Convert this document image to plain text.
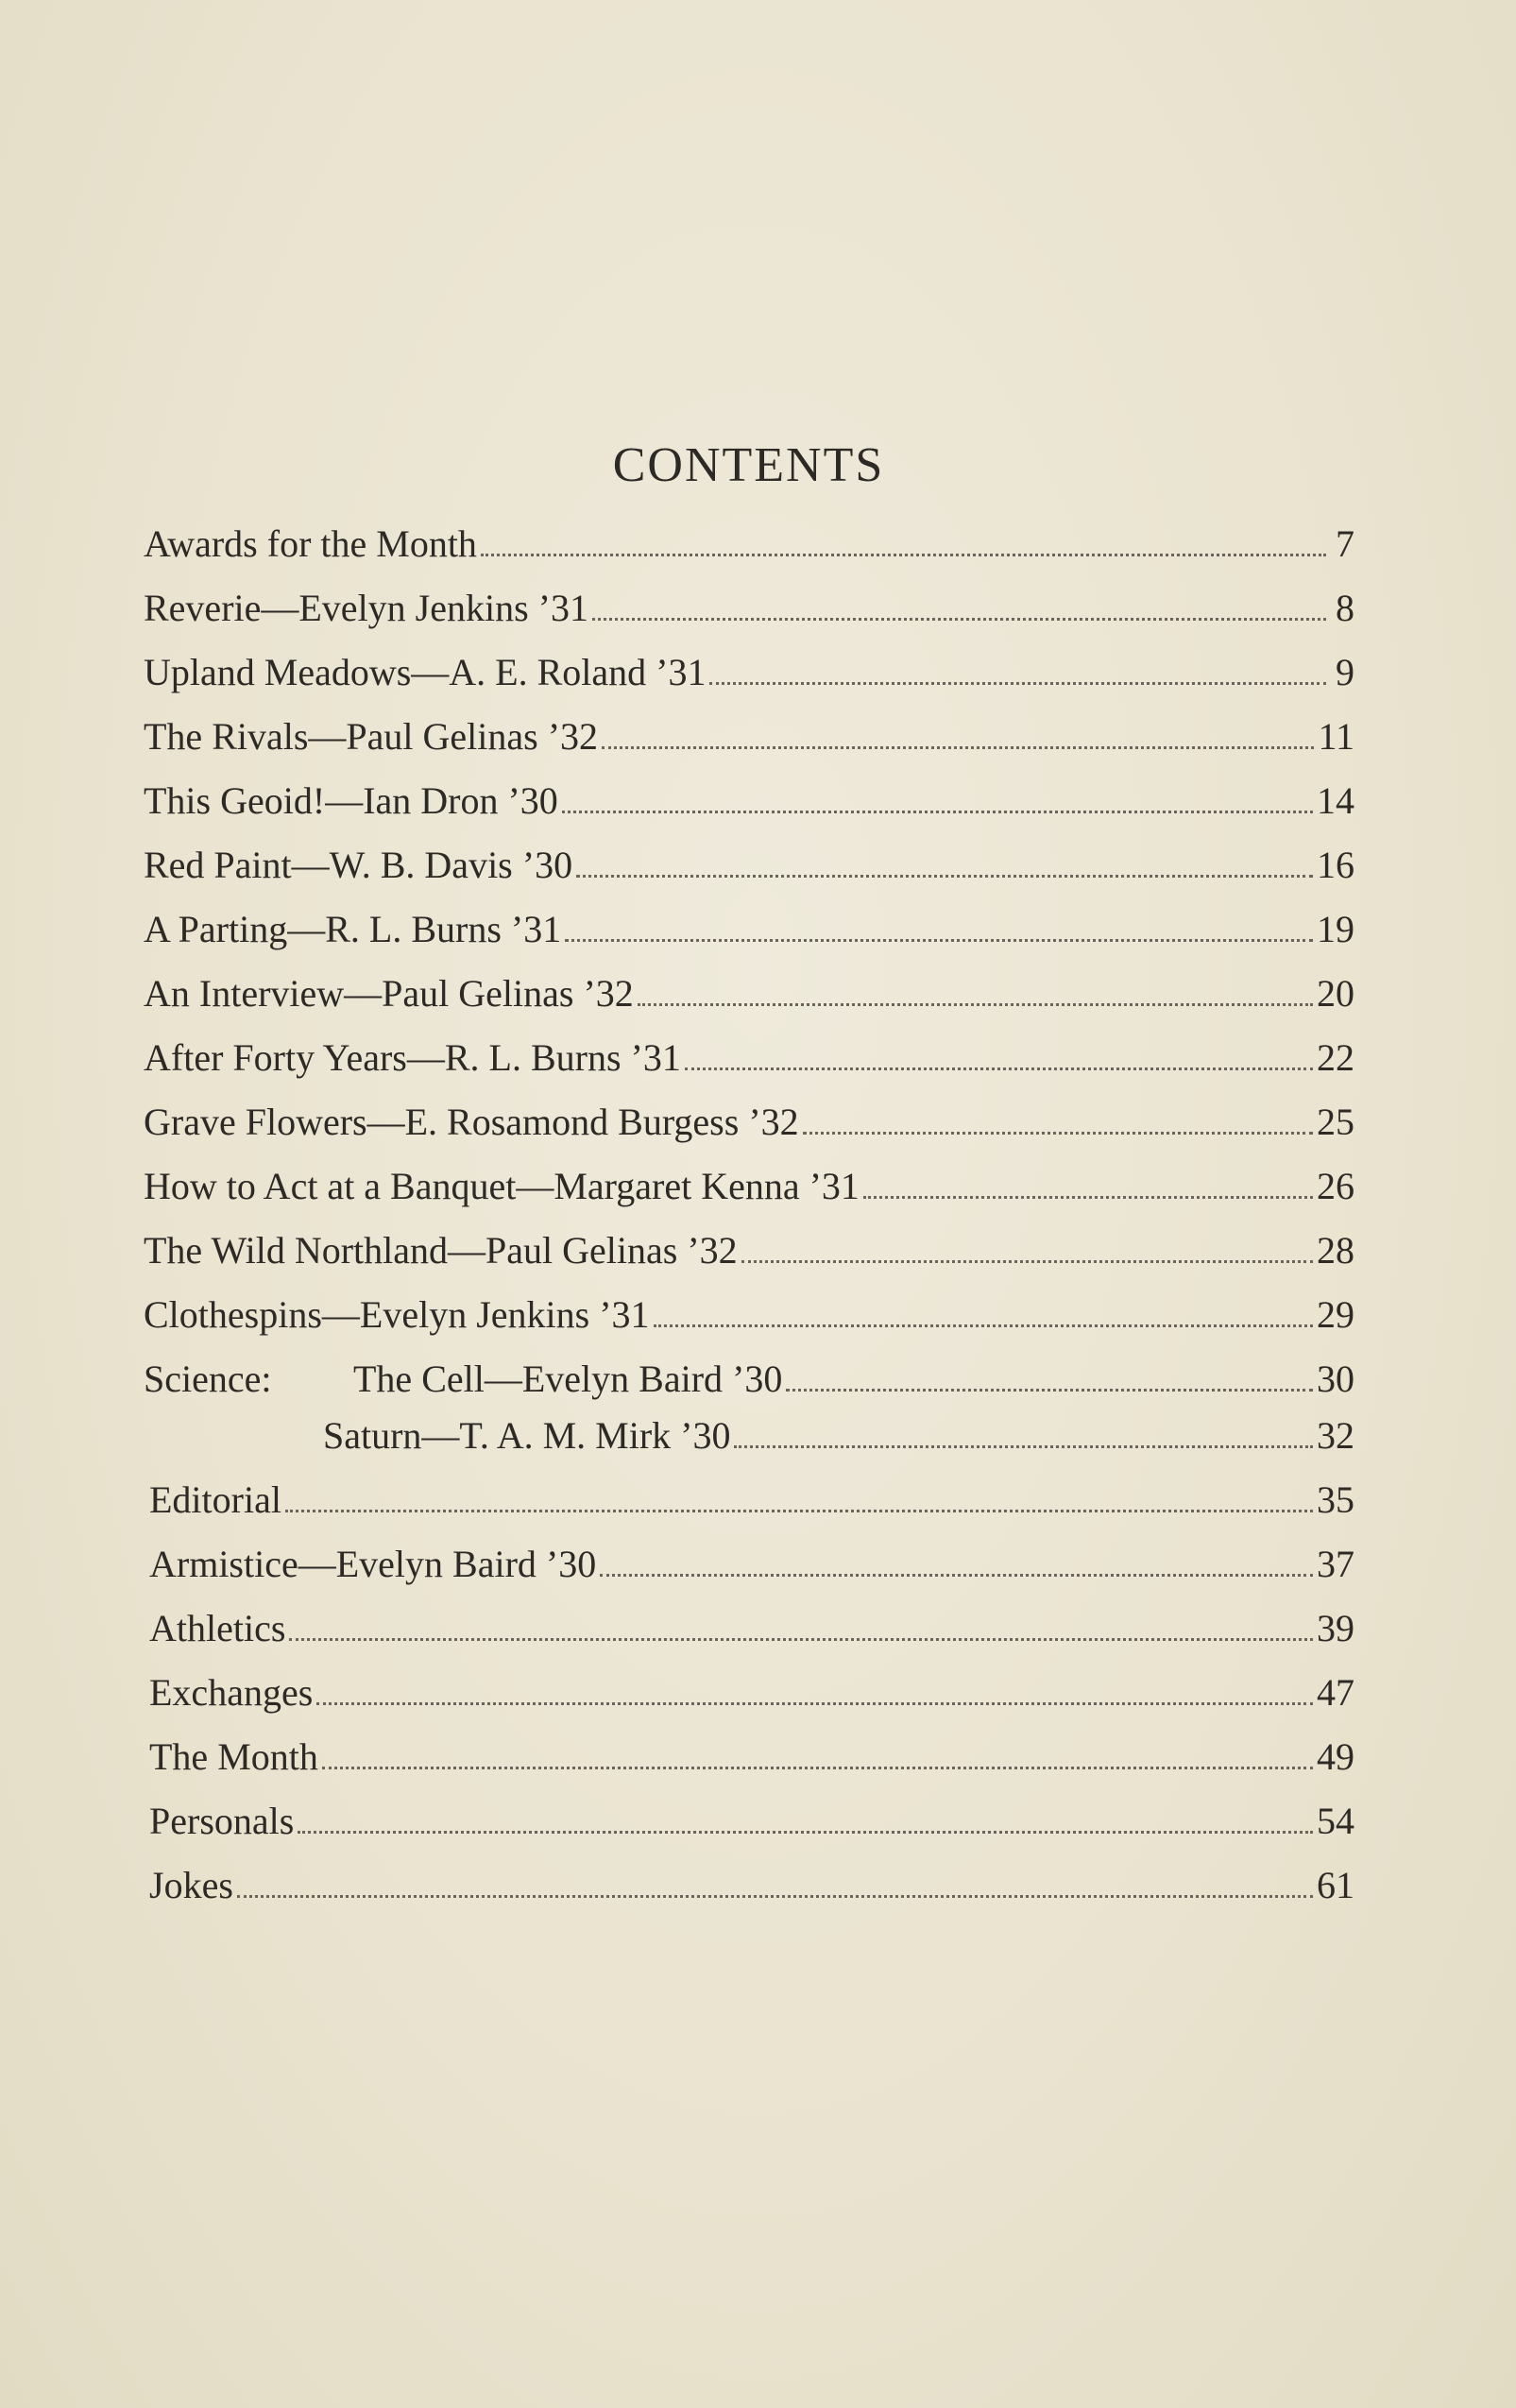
CONTENTS
Awards for the Month	7
Reverie—Evelyn Jenkins ’31	8
Upland Meadows—A. E. Roland ’31	9
The Rivals—Paul Gelinas ’32	11
This Geoid!—Ian Dron ’30	14
Red Paint—W. B. Davis ’30	16
A Parting—R. L. Burns ’31	19
An Interview—Paul Gelinas ’32	20
After Forty Years—R. L. Burns ’31	22
Grave Flowers—E. Rosamond Burgess ’32	25
How to Act at a Banquet—Margaret Kenna ’31	26
The Wild Northland—Paul Gelinas ’32	28
Clothespins—Evelyn Jenkins ’31	29
Science: The Cell—Evelyn Baird ’30	30
Saturn—T. A. M. Mirk ’30	32
Editorial	35
Armistice—Evelyn Baird ’30	37
Athletics	39
Exchanges	47
The Month	49
Personals	54
Jokes	61
